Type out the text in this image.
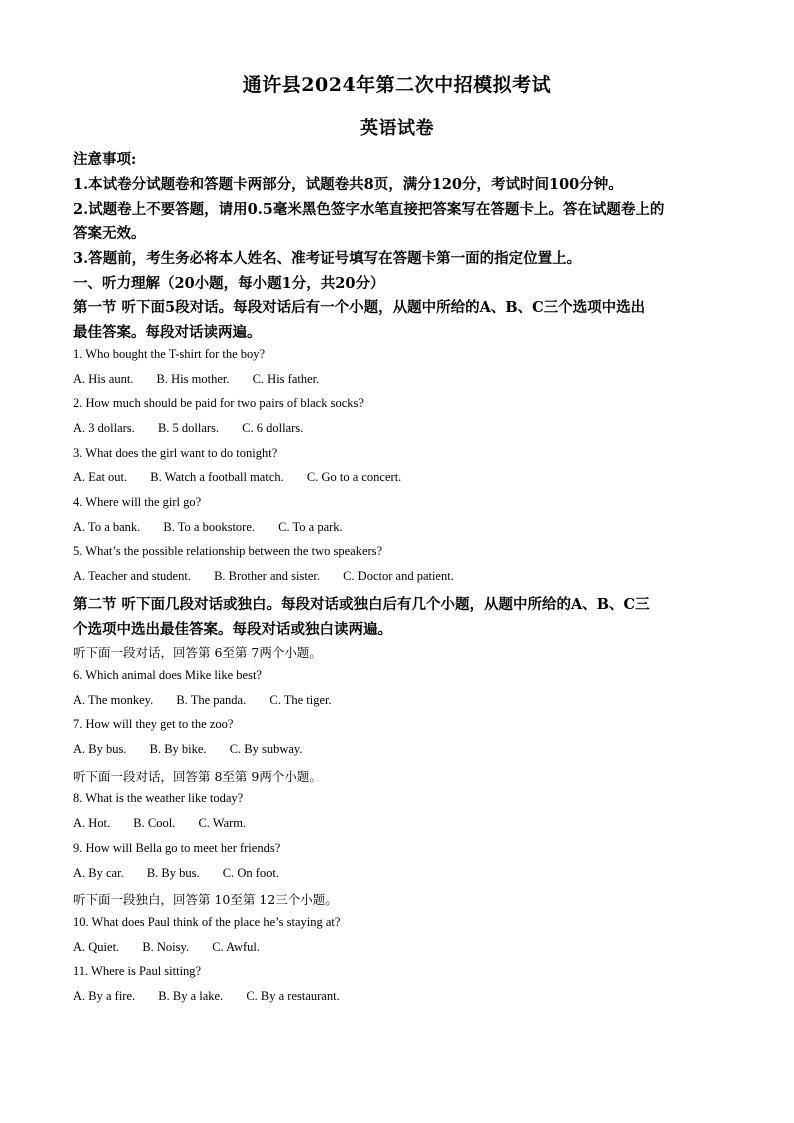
通许县2024年第二次中招模拟考试
英语试卷
注意事项:
1.本试卷分试题卷和答题卡两部分，试题卷共8页，满分120分，考试时间100分钟。
2.试题卷上不要答题，请用0.5毫米黑色签字水笔直接把答案写在答题卡上。答在试题卷上的
答案无效。
3.答题前，考生务必将本人姓名、准考证号填写在答题卡第一面的指定位置上。
一、听力理解（20小题，每小题1分，共20分）
第一节 听下面5段对话。每段对话后有一个小题，从题中所给的A、B、C三个选项中选出
最佳答案。每段对话读两遍。
1. Who bought the T-shirt for the boy?
A. His aunt. B. His mother. C. His father.
2. How much should be paid for two pairs of black socks?
A. 3 dollars. B. 5 dollars. C. 6 dollars.
3. What does the girl want to do tonight?
A. Eat out. B. Watch a football match. C. Go to a concert.
4. Where will the girl go?
A. To a bank. B. To a bookstore. C. To a park.
5. What’s the possible relationship between the two speakers?
A. Teacher and student. B. Brother and sister. C. Doctor and patient.
第二节 听下面几段对话或独白。每段对话或独白后有几个小题，从题中所给的A、B、C三
个选项中选出最佳答案。每段对话或独白读两遍。
听下面一段对话，回答第 6至第 7两个小题。
6. Which animal does Mike like best?
A. The monkey. B. The panda. C. The tiger.
7. How will they get to the zoo?
A. By bus. B. By bike. C. By subway.
听下面一段对话，回答第 8至第 9两个小题。
8. What is the weather like today?
A. Hot. B. Cool. C. Warm.
9. How will Bella go to meet her friends?
A. By car. B. By bus. C. On foot.
听下面一段独白，回答第 10至第 12三个小题。
10. What does Paul think of the place he’s staying at?
A. Quiet. B. Noisy. C. Awful.
11. Where is Paul sitting?
A. By a fire. B. By a lake. C. By a restaurant.
